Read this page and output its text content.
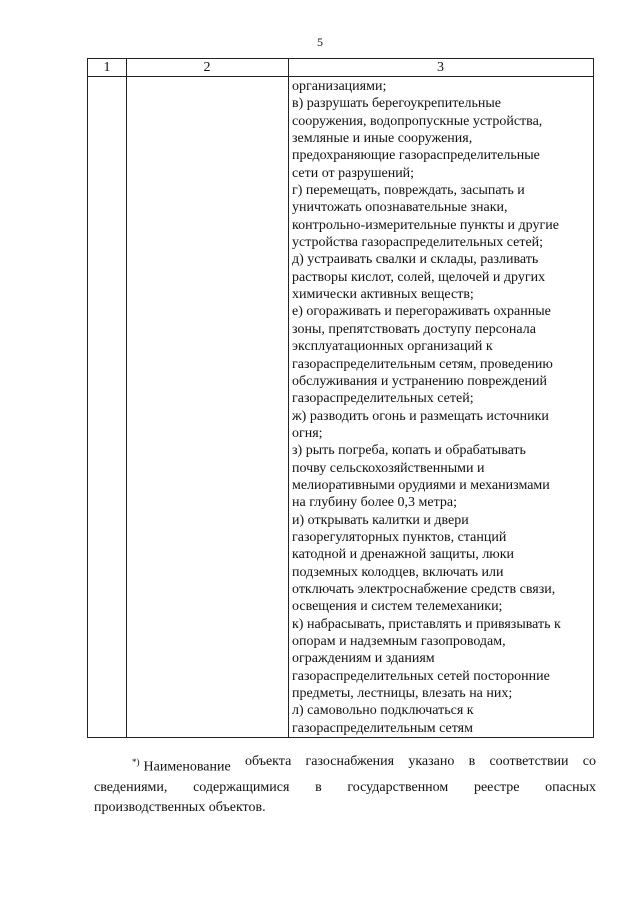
5
1	2	3
организациями;
в) разрушать берегоукрепительные
сооружения, водопропускные устройства,
земляные и иные сооружения,
предохраняющие газораспределительные
сети от разрушений;
г) перемещать, повреждать, засыпать и
уничтожать опознавательные знаки,
контрольно-измерительные пункты и другие
устройства газораспределительных сетей;
д) устраивать свалки и склады, разливать
растворы кислот, солей, щелочей и других
химически активных веществ;
е) огораживать и перегораживать охранные
зоны, препятствовать доступу персонала
эксплуатационных организаций к
газораспределительным сетям, проведению
обслуживания и устранению повреждений
газораспределительных сетей;
ж) разводить огонь и размещать источники
огня;
з) рыть погреба, копать и обрабатывать
почву сельскохозяйственными и
мелиоративными орудиями и механизмами
на глубину более 0,3 метра;
и) открывать калитки и двери
газорегуляторных пунктов, станций
катодной и дренажной защиты, люки
подземных колодцев, включать или
отключать электроснабжение средств связи,
освещения и систем телемеханики;
к) набрасывать, приставлять и привязывать к
опорам и надземным газопроводам,
ограждениям и зданиям
газораспределительных сетей посторонние
предметы, лестницы, влезать на них;
л) самовольно подключаться к
газораспределительным сетям
*) Наименование объекта газоснабжения указано в соответствии со
сведениями, содержащимися в государственном реестре опасных
производственных объектов.
